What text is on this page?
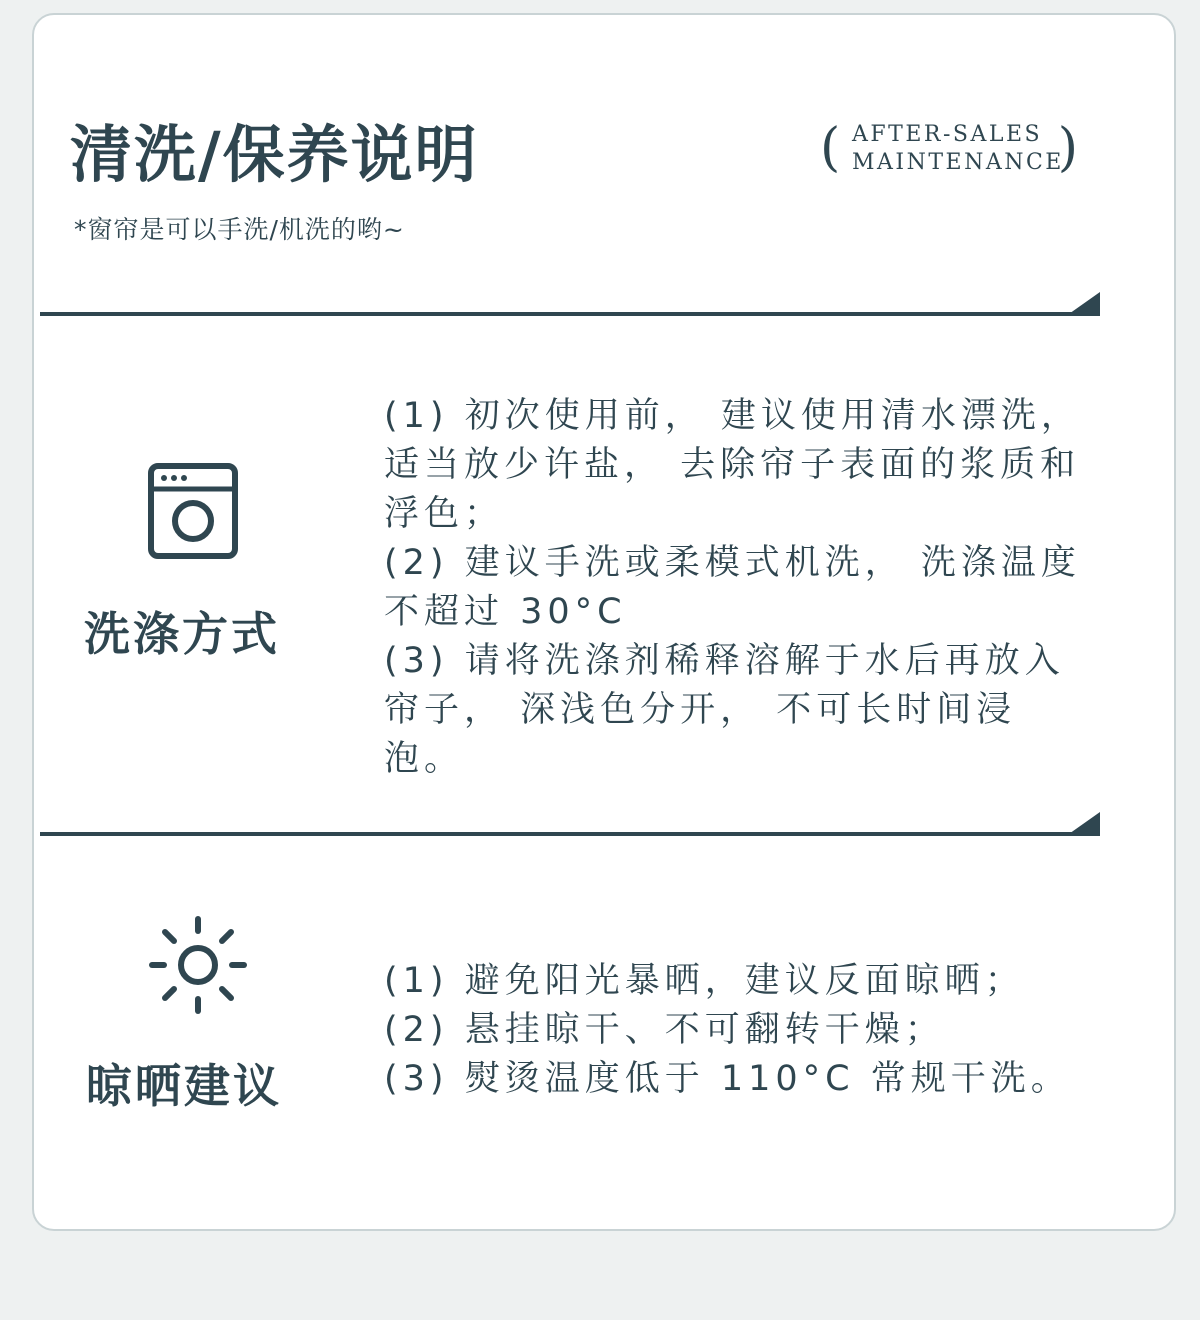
清洗/保养说明
*窗帘是可以手洗/机洗的哟~
( AFTER-SALES
MAINTENANCE
)
洗涤方式

(1) 初次使用前， 建议使用清水漂洗， 适当放少许盐， 去除帘子表面的浆质和浮色；

(2) 建议手洗或柔模式机洗， 洗涤温度不超过 30°C

(3) 请将洗涤剂稀释溶解于水后再放入帘子， 深浅色分开， 不可长时间浸泡。

晾晒建议

(1) 避免阳光暴晒，建议反面晾晒；

(2) 悬挂晾干、不可翻转干燥；

(3) 熨烫温度低于 110°C 常规干洗。
